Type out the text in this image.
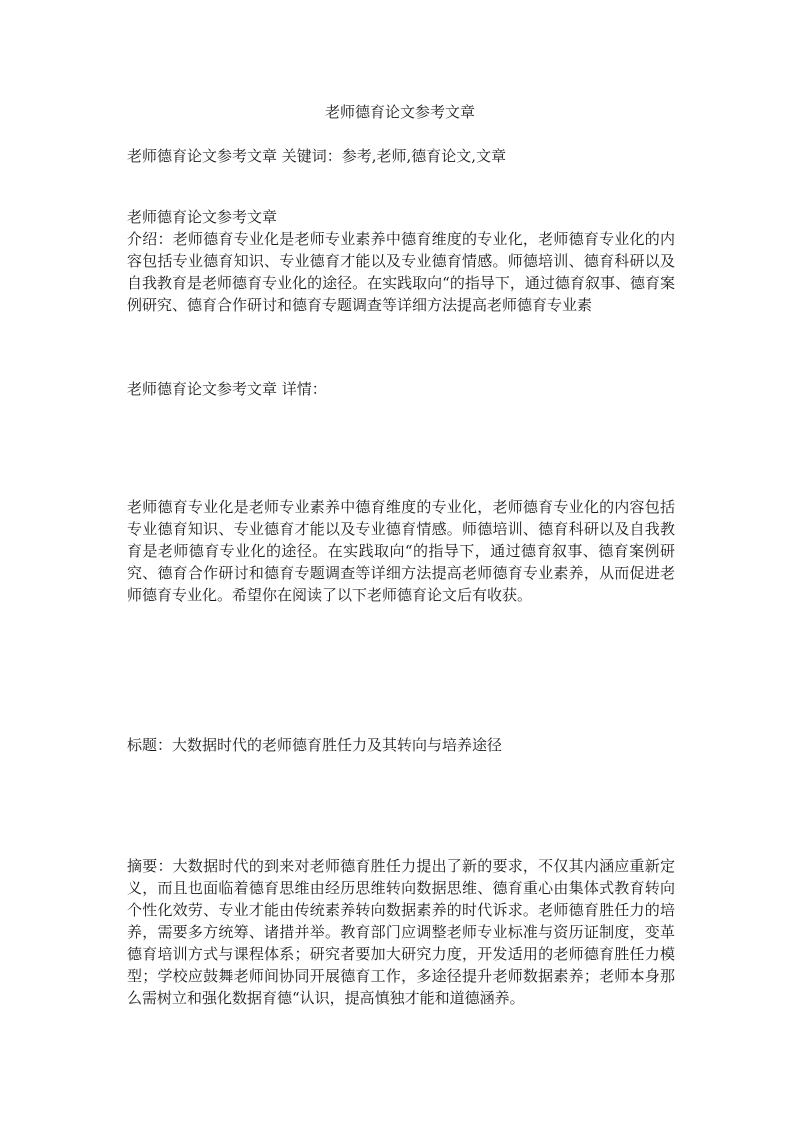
老师德育论文参考文章
老师德育论文参考文章 关键词：参考,老师,德育论文,文章
老师德育论文参考文章
介绍：老师德育专业化是老师专业素养中德育维度的专业化，老师德育专业化的内容包括专业德育知识、专业德育才能以及专业德育情感。师德培训、德育科研以及自我教育是老师德育专业化的途径。在实践取向“的指导下，通过德育叙事、德育案例研究、德育合作研讨和德育专题调查等详细方法提高老师德育专业素
老师德育论文参考文章 详情：
老师德育专业化是老师专业素养中德育维度的专业化，老师德育专业化的内容包括专业德育知识、专业德育才能以及专业德育情感。师德培训、德育科研以及自我教育是老师德育专业化的途径。在实践取向“的指导下，通过德育叙事、德育案例研究、德育合作研讨和德育专题调查等详细方法提高老师德育专业素养，从而促进老师德育专业化。希望你在阅读了以下老师德育论文后有收获。
标题：大数据时代的老师德育胜任力及其转向与培养途径
摘要：大数据时代的到来对老师德育胜任力提出了新的要求，不仅其内涵应重新定义，而且也面临着德育思维由经历思维转向数据思维、德育重心由集体式教育转向个性化效劳、专业才能由传统素养转向数据素养的时代诉求。老师德育胜任力的培养，需要多方统筹、诸措并举。教育部门应调整老师专业标准与资历证制度，变革德育培训方式与课程体系；研究者要加大研究力度，开发适用的老师德育胜任力模型；学校应鼓舞老师间协同开展德育工作，多途径提升老师数据素养；老师本身那么需树立和强化数据育德“认识，提高慎独才能和道德涵养。
